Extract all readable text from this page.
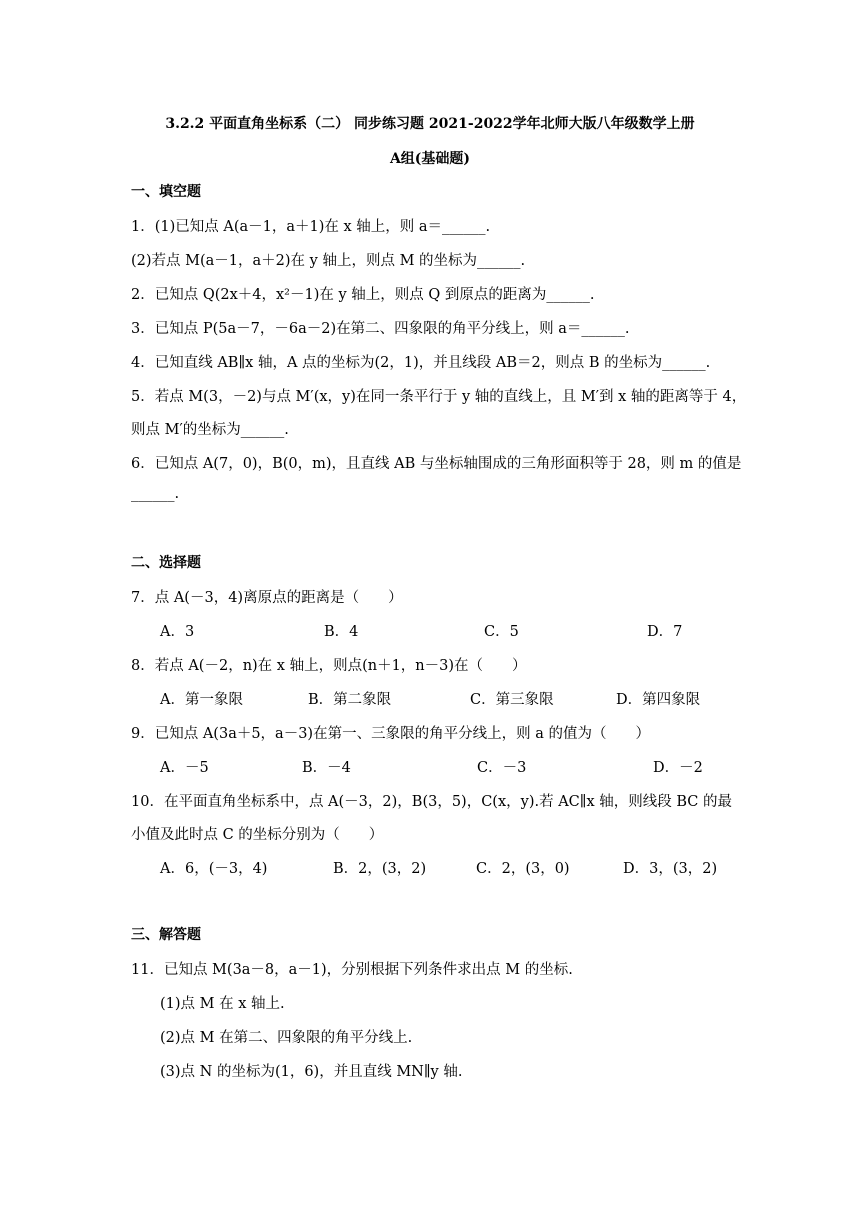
3.2.2 平面直角坐标系（二） 同步练习题 2021-2022学年北师大版八年级数学上册
A组(基础题)
一、填空题
1．(1)已知点 A(a－1，a＋1)在 x 轴上，则 a＝______.
(2)若点 M(a－1，a＋2)在 y 轴上，则点 M 的坐标为______.
2．已知点 Q(2x＋4，x²－1)在 y 轴上，则点 Q 到原点的距离为______.
3．已知点 P(5a－7，－6a－2)在第二、四象限的角平分线上，则 a＝______.
4．已知直线 AB∥x 轴，A 点的坐标为(2，1)，并且线段 AB＝2，则点 B 的坐标为______.
5．若点 M(3，－2)与点 M′(x，y)在同一条平行于 y 轴的直线上，且 M′到 x 轴的距离等于 4，
则点 M′的坐标为______.
6．已知点 A(7，0)，B(0，m)，且直线 AB 与坐标轴围成的三角形面积等于 28，则 m 的值是
______.
二、选择题
7．点 A(－3，4)离原点的距离是（　　）
A．3	B．4	C．5	D．7
8．若点 A(－2，n)在 x 轴上，则点(n＋1，n－3)在（　　）
A．第一象限	B．第二象限	C．第三象限	D．第四象限
9．已知点 A(3a＋5，a－3)在第一、三象限的角平分线上，则 a 的值为（　　）
A．－5	B．－4	C．－3	D．－2
10．在平面直角坐标系中，点 A(－3，2)，B(3，5)，C(x，y).若 AC∥x 轴，则线段 BC 的最
小值及此时点 C 的坐标分别为（　　）
A．6，(－3，4)	B．2，(3，2)	C．2，(3，0)	D．3，(3，2)
三、解答题
11．已知点 M(3a－8，a－1)，分别根据下列条件求出点 M 的坐标.
(1)点 M 在 x 轴上.
(2)点 M 在第二、四象限的角平分线上.
(3)点 N 的坐标为(1，6)，并且直线 MN∥y 轴.
